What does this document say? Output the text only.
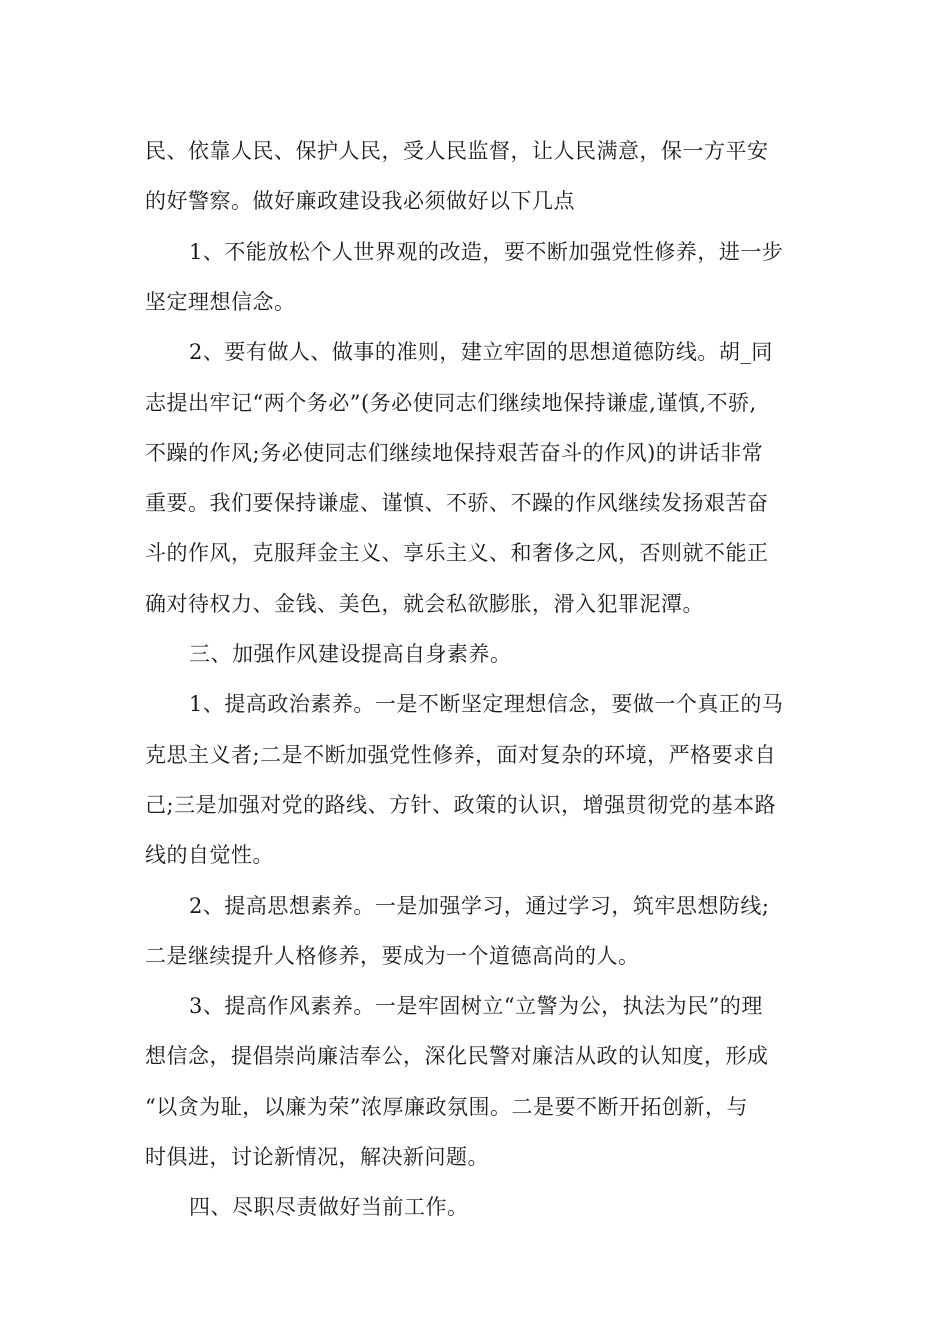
民、依靠人民、保护人民，受人民监督，让人民满意，保一方平安
的好警察。做好廉政建设我必须做好以下几点
1、不能放松个人世界观的改造，要不断加强党性修养，进一步
坚定理想信念。
2、要有做人、做事的准则，建立牢固的思想道德防线。胡_同
志提出牢记“两个务必”(务必使同志们继续地保持谦虚,谨慎,不骄,
不躁的作风;务必使同志们继续地保持艰苦奋斗的作风)的讲话非常
重要。我们要保持谦虚、谨慎、不骄、不躁的作风继续发扬艰苦奋
斗的作风，克服拜金主义、享乐主义、和奢侈之风，否则就不能正
确对待权力、金钱、美色，就会私欲膨胀，滑入犯罪泥潭。
三、加强作风建设提高自身素养。
1、提高政治素养。一是不断坚定理想信念，要做一个真正的马
克思主义者;二是不断加强党性修养，面对复杂的环境，严格要求自
己;三是加强对党的路线、方针、政策的认识，增强贯彻党的基本路
线的自觉性。
2、提高思想素养。一是加强学习，通过学习，筑牢思想防线;
二是继续提升人格修养，要成为一个道德高尚的人。
3、提高作风素养。一是牢固树立“立警为公，执法为民”的理
想信念，提倡崇尚廉洁奉公，深化民警对廉洁从政的认知度，形成
“以贪为耻，以廉为荣”浓厚廉政氛围。二是要不断开拓创新，与
时俱进，讨论新情况，解决新问题。
四、尽职尽责做好当前工作。
